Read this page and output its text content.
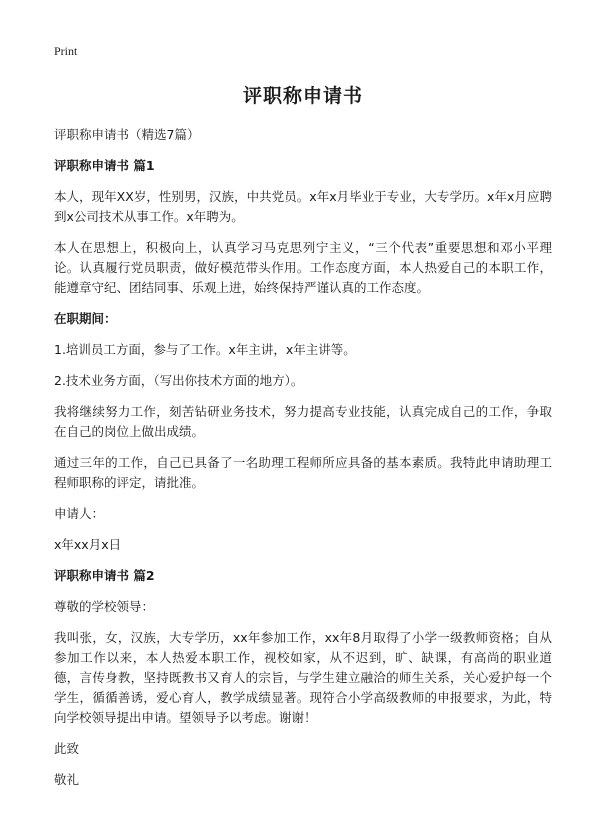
Print
评职称申请书
评职称申请书（精选7篇）
评职称申请书 篇1
本人，现年XX岁，性别男，汉族，中共党员。x年x月毕业于专业，大专学历。x年x月应聘到x公司技术从事工作。x年聘为。
本人在思想上，积极向上，认真学习马克思列宁主义，“三个代表”重要思想和邓小平理论。认真履行党员职责，做好模范带头作用。工作态度方面，本人热爱自己的本职工作，能遵章守纪、团结同事、乐观上进，始终保持严谨认真的工作态度。
在职期间：
1.培训员工方面，参与了工作。x年主讲，x年主讲等。
2.技术业务方面，（写出你技术方面的地方）。
我将继续努力工作，刻苦钻研业务技术，努力提高专业技能，认真完成自己的工作，争取在自己的岗位上做出成绩。
通过三年的工作，自己已具备了一名助理工程师所应具备的基本素质。我特此申请助理工程师职称的评定，请批准。
申请人：
x年xx月x日
评职称申请书 篇2
尊敬的学校领导：
我叫张，女，汉族，大专学历，xx年参加工作，xx年8月取得了小学一级教师资格；自从参加工作以来，本人热爱本职工作，视校如家，从不迟到，旷、缺课，有高尚的职业道德，言传身教，坚持既教书又育人的宗旨，与学生建立融洽的师生关系，关心爱护每一个学生，循循善诱，爱心育人，教学成绩显著。现符合小学高级教师的申报要求，为此，特向学校领导提出申请。望领导予以考虑。谢谢！
此致
敬礼
